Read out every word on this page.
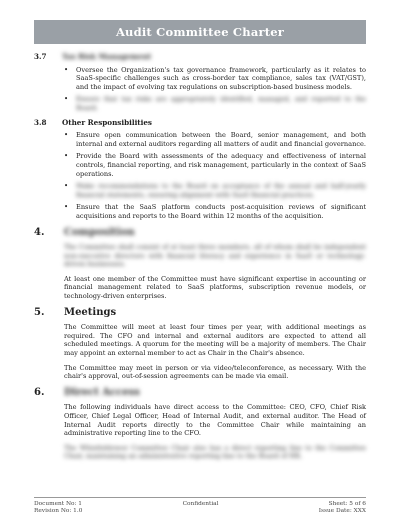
Audit Committee Charter
3.7	Tax Risk Management
•	Oversee the Organization's tax governance framework, particularly as it relates to SaaS-specific challenges such as cross-border tax compliance, sales tax (VAT/GST), and the impact of evolving tax regulations on subscription-based business models.
•	Ensure that tax risks are appropriately identified, managed, and reported to the Board.
3.8	Other Responsibilities
•	Ensure open communication between the Board, senior management, and both internal and external auditors regarding all matters of audit and financial governance.
•	Provide the Board with assessments of the adequacy and effectiveness of internal controls, financial reporting, and risk management, particularly in the context of SaaS operations.
•	Make recommendations to the Board on acceptance of the annual and half-yearly financial statements, ensuring alignment with SaaS financial practices.
•	Ensure that the SaaS platform conducts post-acquisition reviews of significant acquisitions and reports to the Board within 12 months of the acquisition.
4.	Composition

The Committee shall consist of at least three members, all of whom shall be independent non-executive directors with financial literacy and experience in SaaS or technology-driven businesses.

At least one member of the Committee must have significant expertise in accounting or financial management related to SaaS platforms, subscription revenue models, or technology-driven enterprises.

5.	Meetings

The Committee will meet at least four times per year, with additional meetings as required. The CFO and internal and external auditors are expected to attend all scheduled meetings. A quorum for the meeting will be a majority of members. The Chair may appoint an external member to act as Chair in the Chair's absence.

The Committee may meet in person or via video/teleconference, as necessary. With the chair's approval, out-of-session agreements can be made via email.

6.	Direct Access

The following individuals have direct access to the Committee: CEO, CFO, Chief Risk Officer, Chief Legal Officer, Head of Internal Audit, and external auditor. The Head of Internal Audit reports directly to the Committee Chair while maintaining an administrative reporting line to the CFO.

The Whistleblower Committee Chair also has a direct reporting line to the Committee Chair, maintaining an administrative reporting line to the Board of HR.

Document No: 1
Revision No: 1.0
Confidential	Sheet: 5 of 6
Issue Date: XXX
